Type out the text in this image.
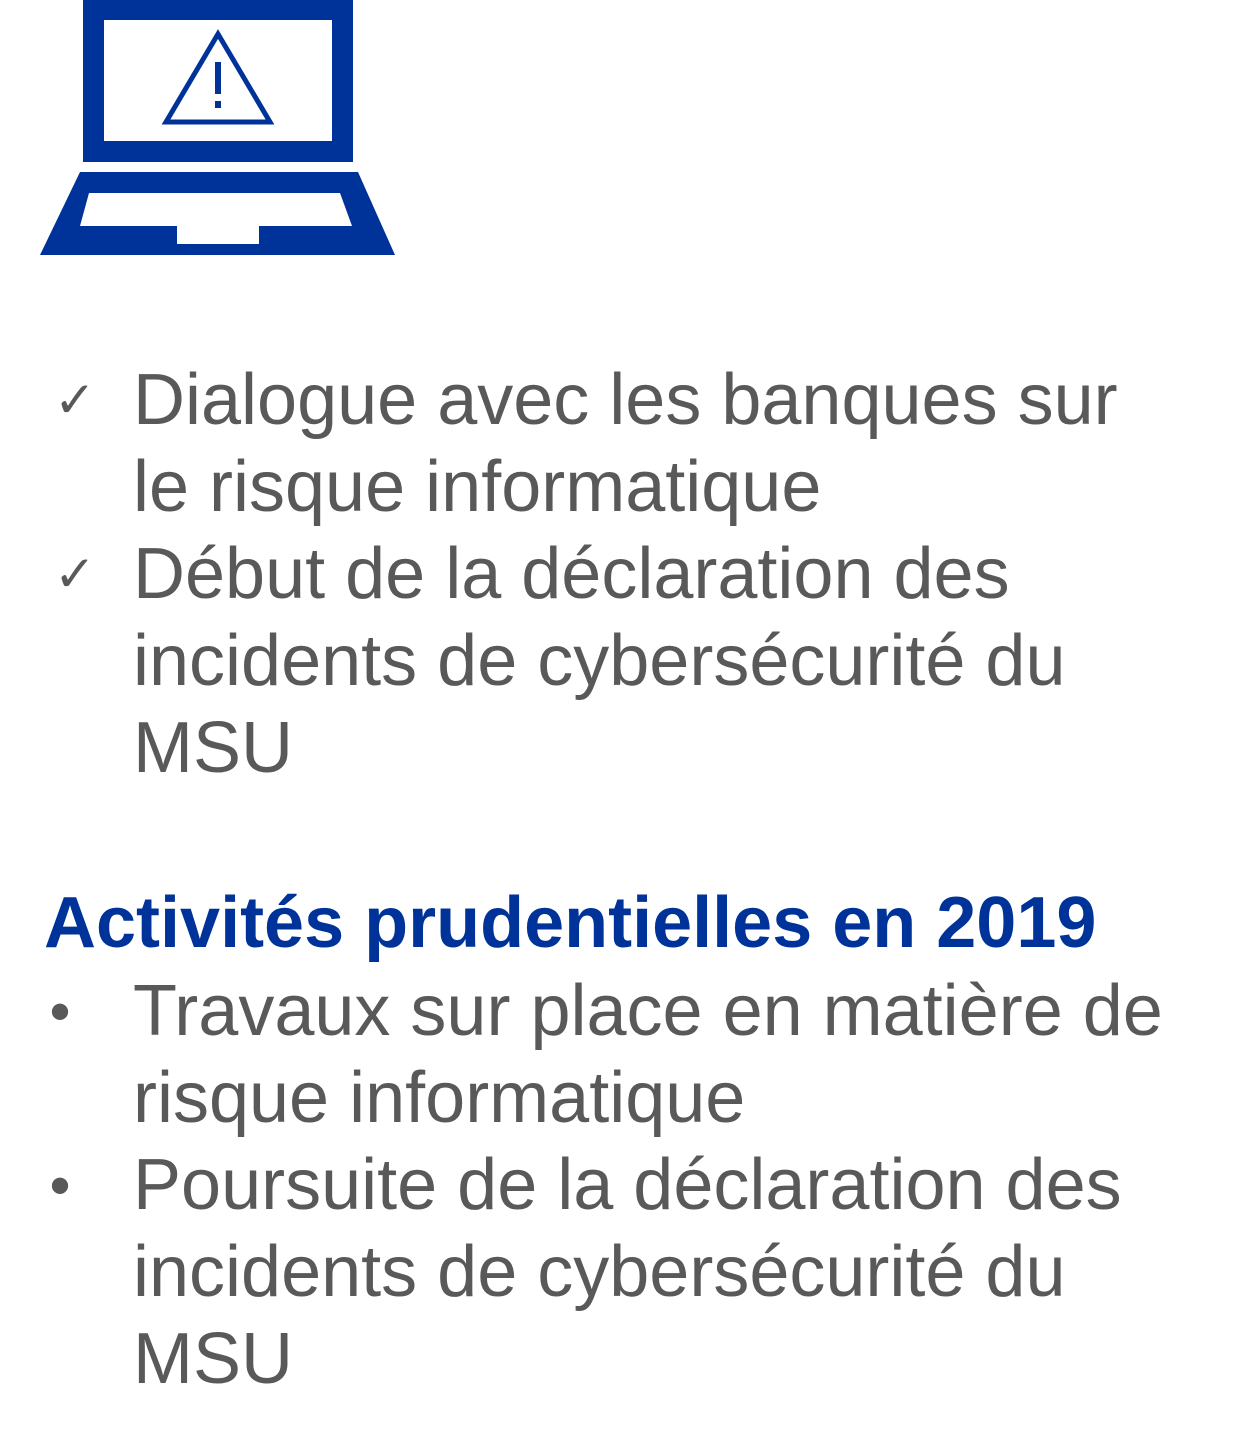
✓ Dialogue avec les banques sur le risque informatique
✓ Début de la déclaration des incidents de cybersécurité du MSU
Activités prudentielles en 2019
• Travaux sur place en matière de risque informatique
• Poursuite de la déclaration des incidents de cybersécurité du MSU
